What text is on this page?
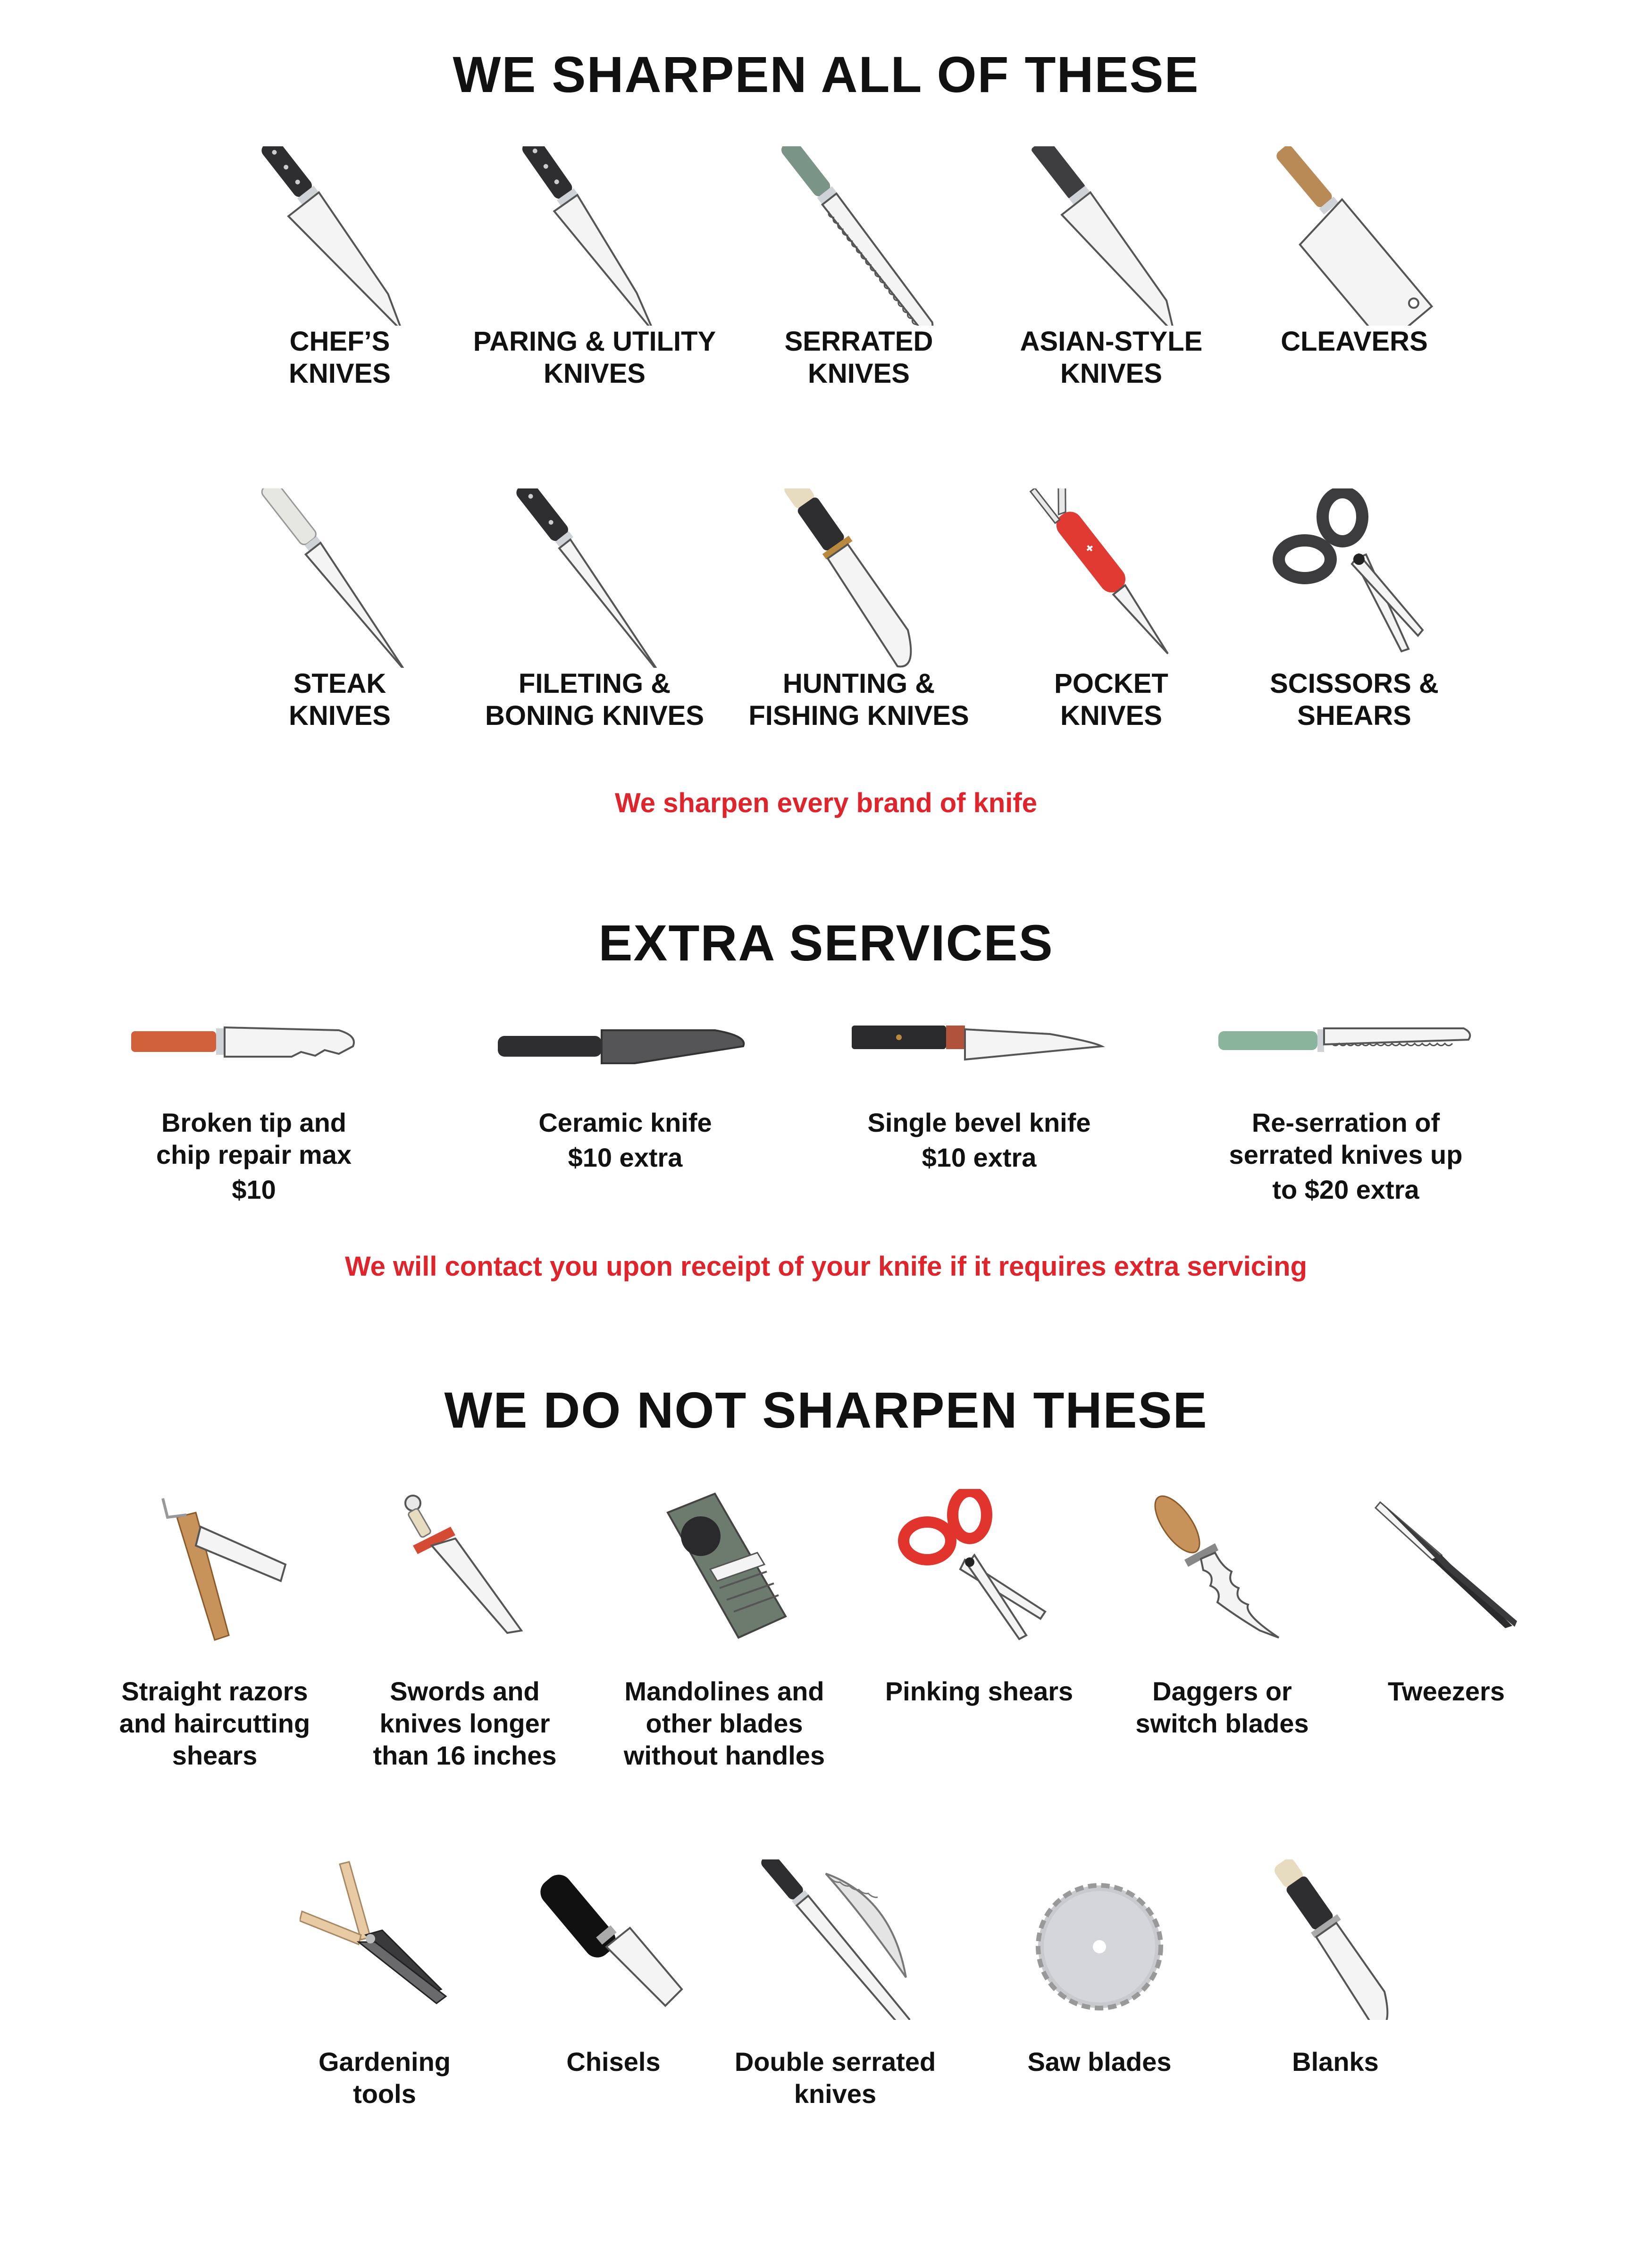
WE SHARPEN ALL OF THESE
CHEF’S
KNIVES
PARING & UTILITY
KNIVES
SERRATED
KNIVES
ASIAN-STYLE
KNIVES
CLEAVERS
STEAK
KNIVES
FILETING &
BONING KNIVES
HUNTING &
FISHING KNIVES
POCKET
KNIVES
SCISSORS &
SHEARS
We sharpen every brand of knife
EXTRA SERVICES
Broken tip and
chip repair max
$10
Ceramic knife
$10 extra
Single bevel knife
$10 extra
Re-serration of
serrated knives up
to $20 extra
We will contact you upon receipt of your knife if it requires extra servicing
WE DO NOT SHARPEN THESE
Straight razors
and haircutting
shears
Swords and
knives longer
than 16 inches
Mandolines and
other blades
without handles
Pinking shears	Daggers or
switch blades
Tweezers
Gardening
tools
Chisels	Double serrated
knives
Saw blades	Blanks
